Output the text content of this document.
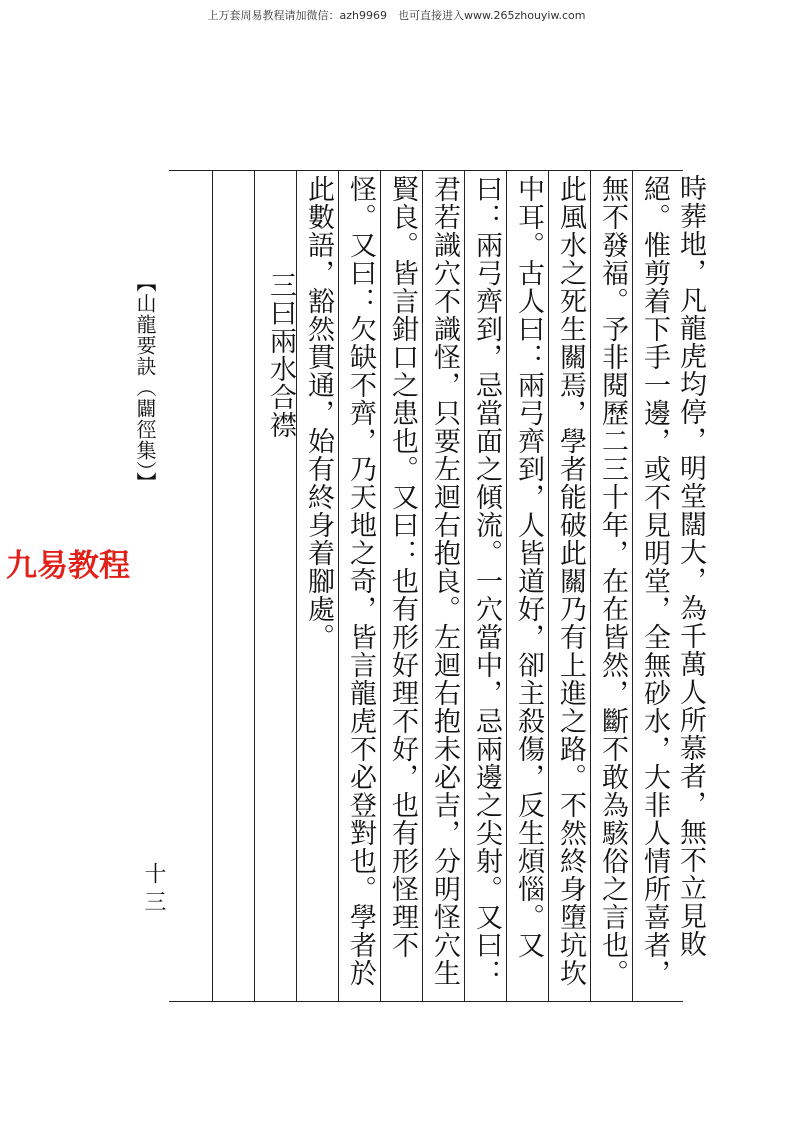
上万套周易教程请加微信：azh9969　也可直接进入www.265zhouyiw.com
三曰兩水合襟 此數語，豁然貫通，始有終身着腳處。 怪。又曰：欠缺不齊，乃天地之奇，皆言龍虎不必登對也。學者於 賢良。皆言鉗口之患也。又曰：也有形好理不好，也有形怪理不 君若識穴不識怪，只要左迴右抱良。左迴右抱未必吉，分明怪穴生 曰：兩弓齊到，忌當面之傾流。一穴當中，忌兩邊之尖射。又曰： 中耳。古人曰：兩弓齊到，人皆道好，卻主殺傷，反生煩惱。又 此風水之死生關焉，學者能破此關乃有上進之路。不然終身墮坑坎 無不發福。予非閱歷二三十年，在在皆然，斷不敢為駭俗之言也。 絕。惟剪着下手一邊，或不見明堂，全無砂水，大非人情所喜者， 時葬地，凡龍虎均停，明堂闊大，為千萬人所慕者，無不立見敗
【山龍要訣（闢徑集）】
十三
九易教程
